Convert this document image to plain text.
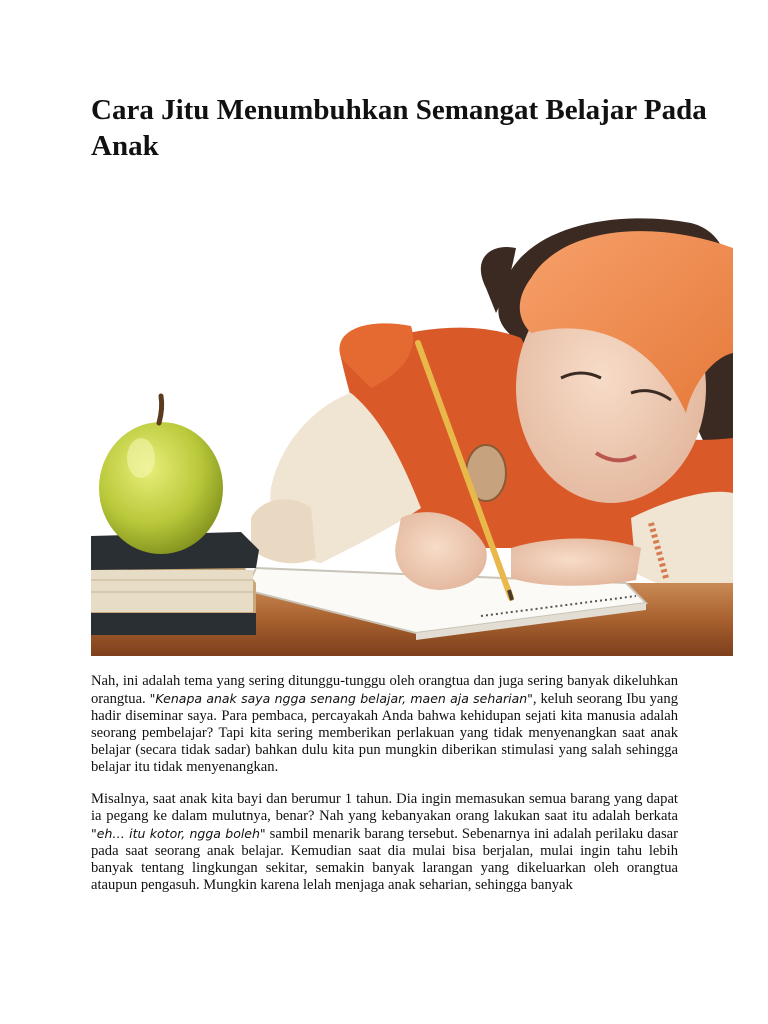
Cara Jitu Menumbuhkan Semangat Belajar Pada Anak

Nah, ini adalah tema yang sering ditunggu-tunggu oleh orangtua dan juga sering banyak dikeluhkan orangtua. "Kenapa anak saya ngga senang belajar, maen aja seharian", keluh seorang Ibu yang hadir diseminar saya. Para pembaca, percayakah Anda bahwa kehidupan sejati kita manusia adalah seorang pembelajar? Tapi kita sering memberikan perlakuan yang tidak menyenangkan saat anak belajar (secara tidak sadar) bahkan dulu kita pun mungkin diberikan stimulasi yang salah sehingga belajar itu tidak menyenangkan.

Misalnya, saat anak kita bayi dan berumur 1 tahun. Dia ingin memasukan semua barang yang dapat ia pegang ke dalam mulutnya, benar? Nah yang kebanyakan orang lakukan saat itu adalah berkata "eh… itu kotor, ngga boleh" sambil menarik barang tersebut. Sebenarnya ini adalah perilaku dasar pada saat seorang anak belajar. Kemudian saat dia mulai bisa berjalan, mulai ingin tahu lebih banyak tentang lingkungan sekitar, semakin banyak larangan yang dikeluarkan oleh orangtua ataupun pengasuh. Mungkin karena lelah menjaga anak seharian, sehingga banyak
